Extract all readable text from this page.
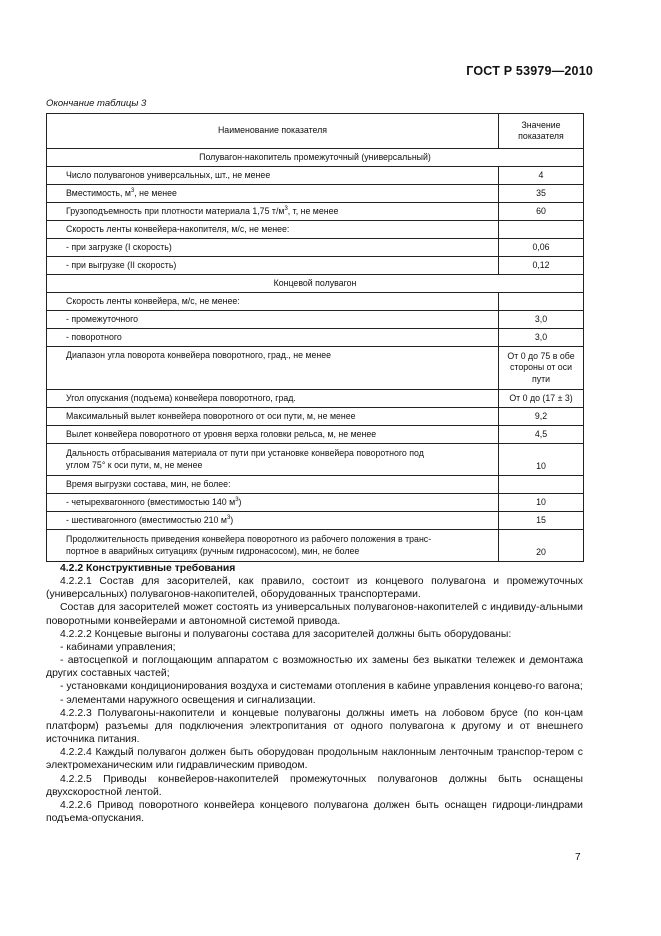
ГОСТ Р 53979—2010
Окончание таблицы 3
Наименование показателя	Значение
показателя
Полувагон-накопитель промежуточный (универсальный)	
Число полувагонов универсальных, шт., не менее	4
Вместимость, $м^3$, не менее	35
Грузоподъемность при плотности материала 1,75 $т/м^3$, т, не менее	60
Скорость ленты конвейера-накопителя, м/с, не менее:	
- при загрузке (I скорость)	0,06
- при выгрузке (II скорость)	0,12
Концевой полувагон	
Скорость ленты конвейера, м/с, не менее:	
- промежуточного	3,0
- поворотного	3,0
Диапазон угла поворота конвейера поворотного, град., не менее	От 0 до 75 в обе
стороны от оси
пути
Угол опускания (подъема) конвейера поворотного, град.	От 0 до (17 ± 3)
Максимальный вылет конвейера поворотного от оси пути, м, не менее	9,2
Вылет конвейера поворотного от уровня верха головки рельса, м, не менее	4,5
Дальность отбрасывания материала от пути при установке конвейера поворотного под
углом 75° к оси пути, м, не менее	10
Время выгрузки состава, мин, не более:	
- четырехвагонного (вместимостью 140 $м^3$)	10
- шестивагонного (вместимостью 210 $м^3$)	15
Продолжительность приведения конвейера поворотного из рабочего положения в транс-
портное в аварийных ситуациях (ручным гидронасосом), мин, не более	20

4.2.2 Конструктивные требования

4.2.2.1 Состав для засорителей, как правило, состоит из концевого полувагона и промежуточных (универсальных) полувагонов-накопителей, оборудованных транспортерами.

Состав для засорителей может состоять из универсальных полувагонов-накопителей с индивиду-альными поворотными конвейерами и автономной системой привода.

4.2.2.2 Концевые выгоны и полувагоны состава для засорителей должны быть оборудованы:

- кабинами управления;

- автосцепкой и поглощающим аппаратом с возможностью их замены без выкатки тележек и демонтажа других составных частей;

- установками кондиционирования воздуха и системами отопления в кабине управления концево-го вагона;

- элементами наружного освещения и сигнализации.

4.2.2.3 Полувагоны-накопители и концевые полувагоны должны иметь на лобовом брусе (по кон-цам платформ) разъемы для подключения электропитания от одного полувагона к другому и от внешнего источника питания.

4.2.2.4 Каждый полувагон должен быть оборудован продольным наклонным ленточным транспор-тером с электромеханическим или гидравлическим приводом.

4.2.2.5 Приводы конвейеров-накопителей промежуточных полувагонов должны быть оснащены двухскоростной лентой.

4.2.2.6 Привод поворотного конвейера концевого полувагона должен быть оснащен гидроци-линдрами подъема-опускания.

7
